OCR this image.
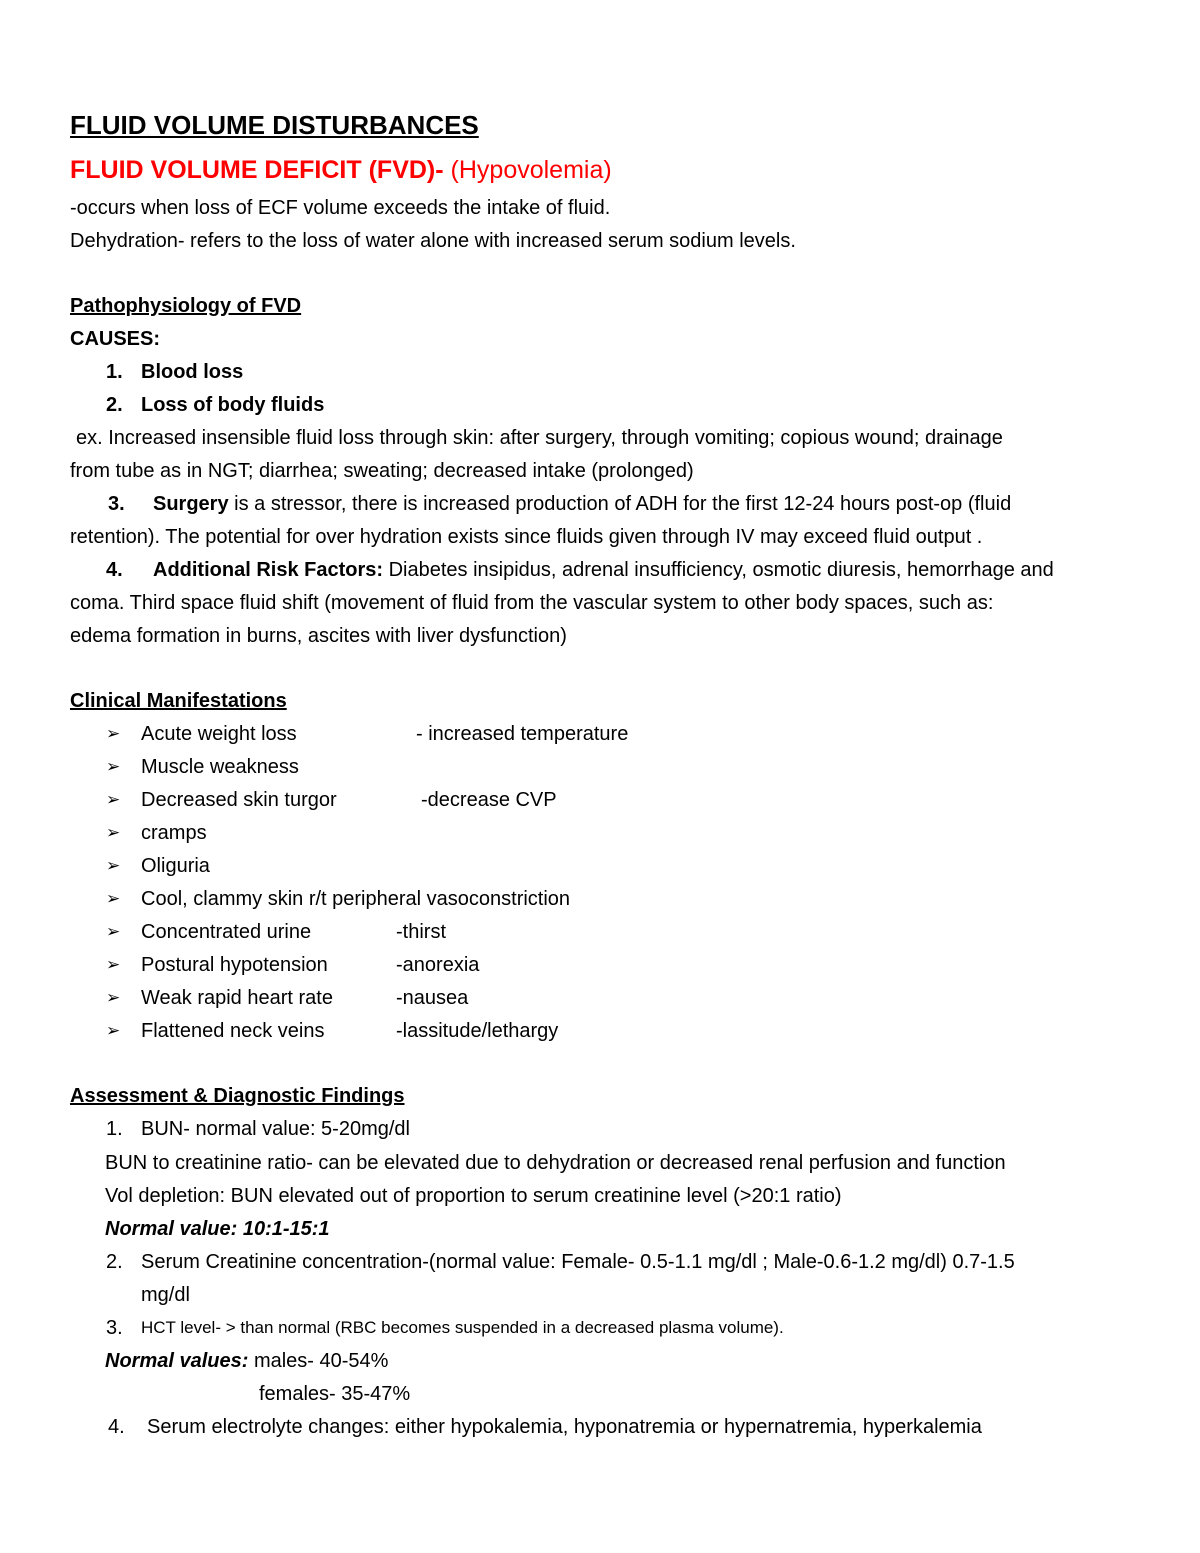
FLUID VOLUME DISTURBANCES
FLUID VOLUME DEFICIT (FVD)- (Hypovolemia)
-occurs when loss of ECF volume exceeds the intake of fluid.
Dehydration- refers to the loss of water alone with increased serum sodium levels.
Pathophysiology of FVD
CAUSES:
1. Blood loss
2. Loss of body fluids
ex. Increased insensible fluid loss through skin: after surgery, through vomiting; copious wound; drainage
from tube as in NGT; diarrhea; sweating; decreased intake (prolonged)
3. Surgery is a stressor, there is increased production of ADH for the first 12-24 hours post-op (fluid
retention). The potential for over hydration exists since fluids given through IV may exceed fluid output .
4. Additional Risk Factors: Diabetes insipidus, adrenal insufficiency, osmotic diuresis, hemorrhage and
coma. Third space fluid shift (movement of fluid from the vascular system to other body spaces, such as:
edema formation in burns, ascites with liver dysfunction)
Clinical Manifestations
➢ Acute weight loss
➢ Muscle weakness
➢ Decreased skin turgor
➢ cramps
➢ Oliguria
➢ Cool, clammy skin r/t peripheral vasoconstriction
➢ Concentrated urine
➢ Postural hypotension
➢ Weak rapid heart rate
➢ Flattened neck veins
- increased temperature
-decrease CVP
-thirst
-anorexia
-nausea
-lassitude/lethargy
Assessment & Diagnostic Findings
1. BUN- normal value: 5-20mg/dl
BUN to creatinine ratio- can be elevated due to dehydration or decreased renal perfusion and function
Vol depletion: BUN elevated out of proportion to serum creatinine level (>20:1 ratio)
Normal value: 10:1-15:1
2. Serum Creatinine concentration-(normal value: Female- 0.5-1.1 mg/dl ; Male-0.6-1.2 mg/dl) 0.7-1.5
mg/dl
3. HCT level- > than normal (RBC becomes suspended in a decreased plasma volume).
Normal values: males- 40-54%
females- 35-47%
4. Serum electrolyte changes: either hypokalemia, hyponatremia or hypernatremia, hyperkalemia
